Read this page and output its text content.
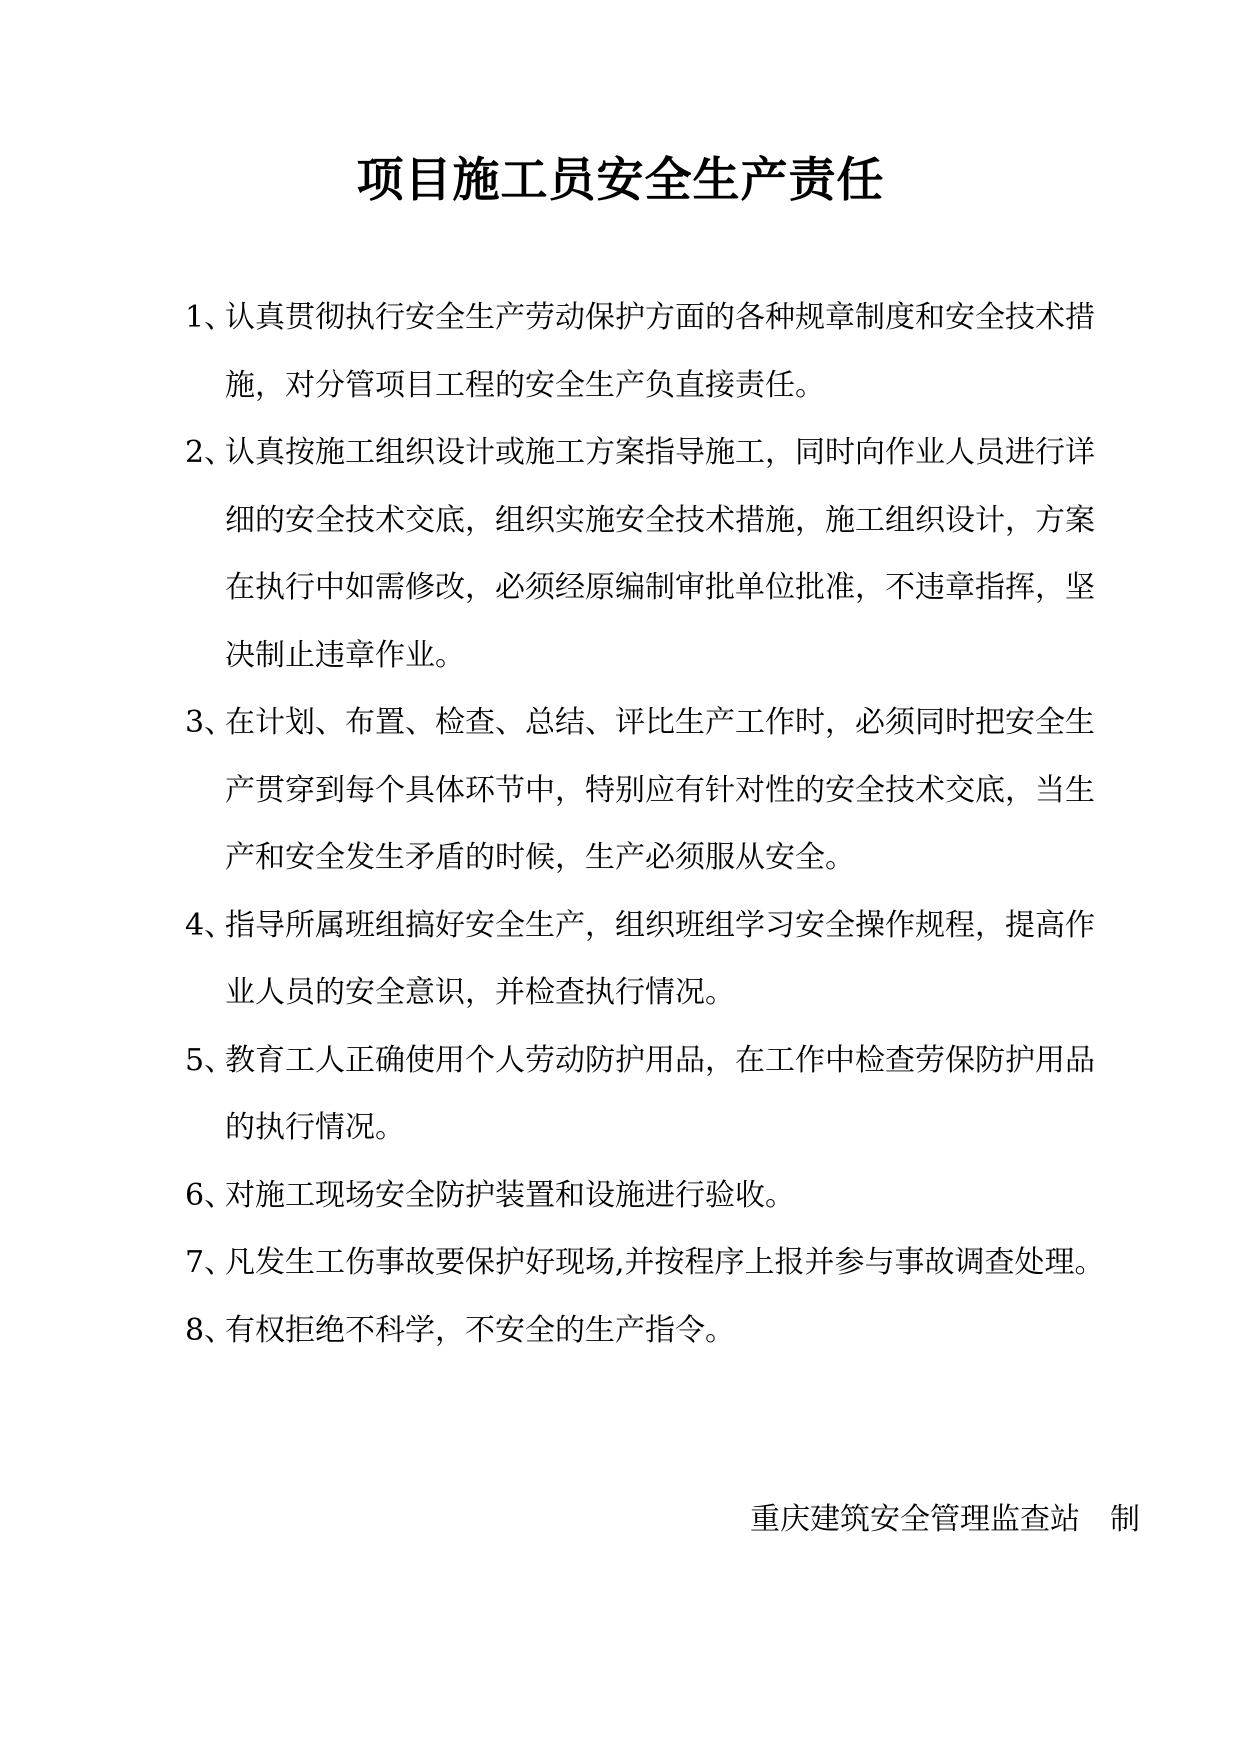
项目施工员安全生产责任
1、
认真贯彻执行安全生产劳动保护方面的各种规章制度和安全技术措
施，对分管项目工程的安全生产负直接责任。
2、
认真按施工组织设计或施工方案指导施工，同时向作业人员进行详
细的安全技术交底，组织实施安全技术措施，施工组织设计，方案
在执行中如需修改，必须经原编制审批单位批准，不违章指挥，坚
决制止违章作业。
3、
在计划、布置、检查、总结、评比生产工作时，必须同时把安全生
产贯穿到每个具体环节中，特别应有针对性的安全技术交底，当生
产和安全发生矛盾的时候，生产必须服从安全。
4、
指导所属班组搞好安全生产，组织班组学习安全操作规程，提高作
业人员的安全意识，并检查执行情况。
5、
教育工人正确使用个人劳动防护用品，在工作中检查劳保防护用品
的执行情况。
6、
对施工现场安全防护装置和设施进行验收。
7、
凡发生工伤事故要保护好现场,并按程序上报并参与事故调查处理。
8、
有权拒绝不科学，不安全的生产指令。
重庆建筑安全管理监查站 制
